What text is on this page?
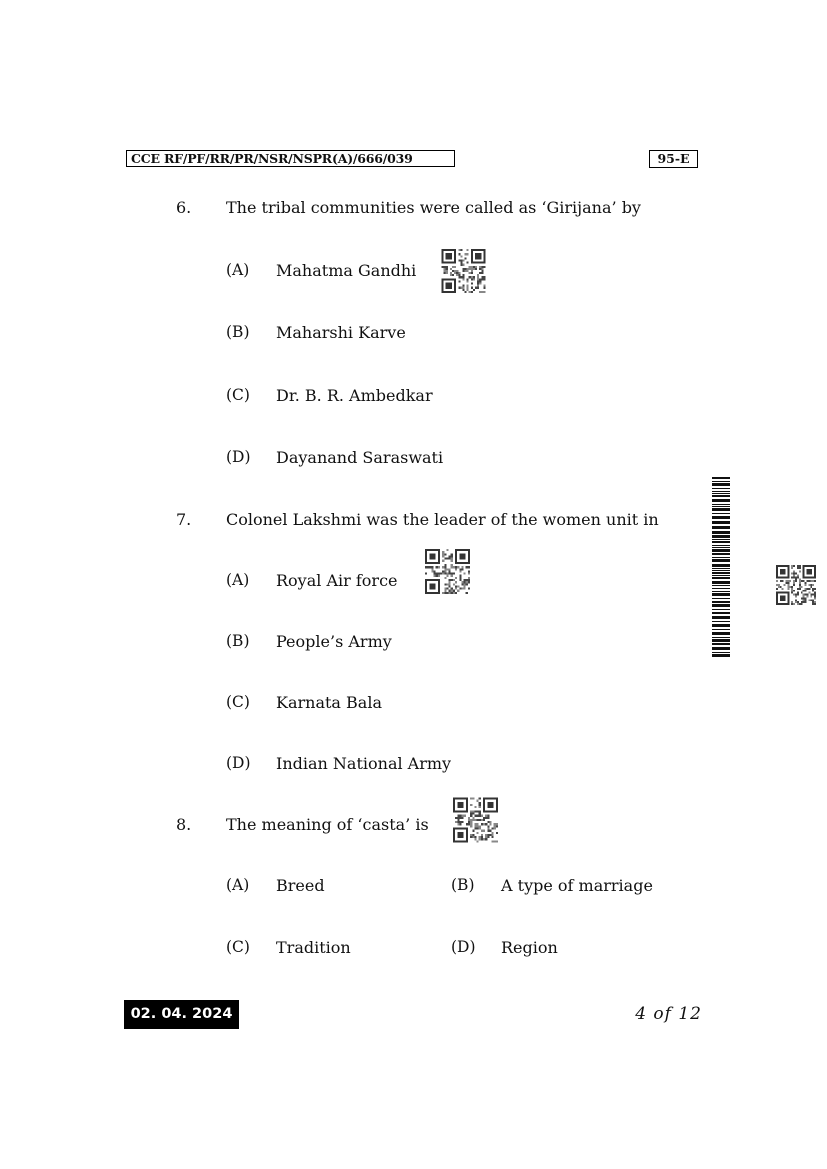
CCE RF/PF/RR/PR/NSR/NSPR(A)/666/039	95-E
6. The tribal communities were called as ‘Girijana’ by
(A) Mahatma Gandhi
(B) Maharshi Karve
(C) Dr. B. R. Ambedkar
(D) Dayanand Saraswati
7. Colonel Lakshmi was the leader of the women unit in
(A) Royal Air force
(B) People’s Army
(C) Karnata Bala
(D) Indian National Army
8. The meaning of ‘casta’ is
(A) Breed	(B) A type of marriage
(C) Tradition	(D) Region
02. 04. 2024	4 of 12
